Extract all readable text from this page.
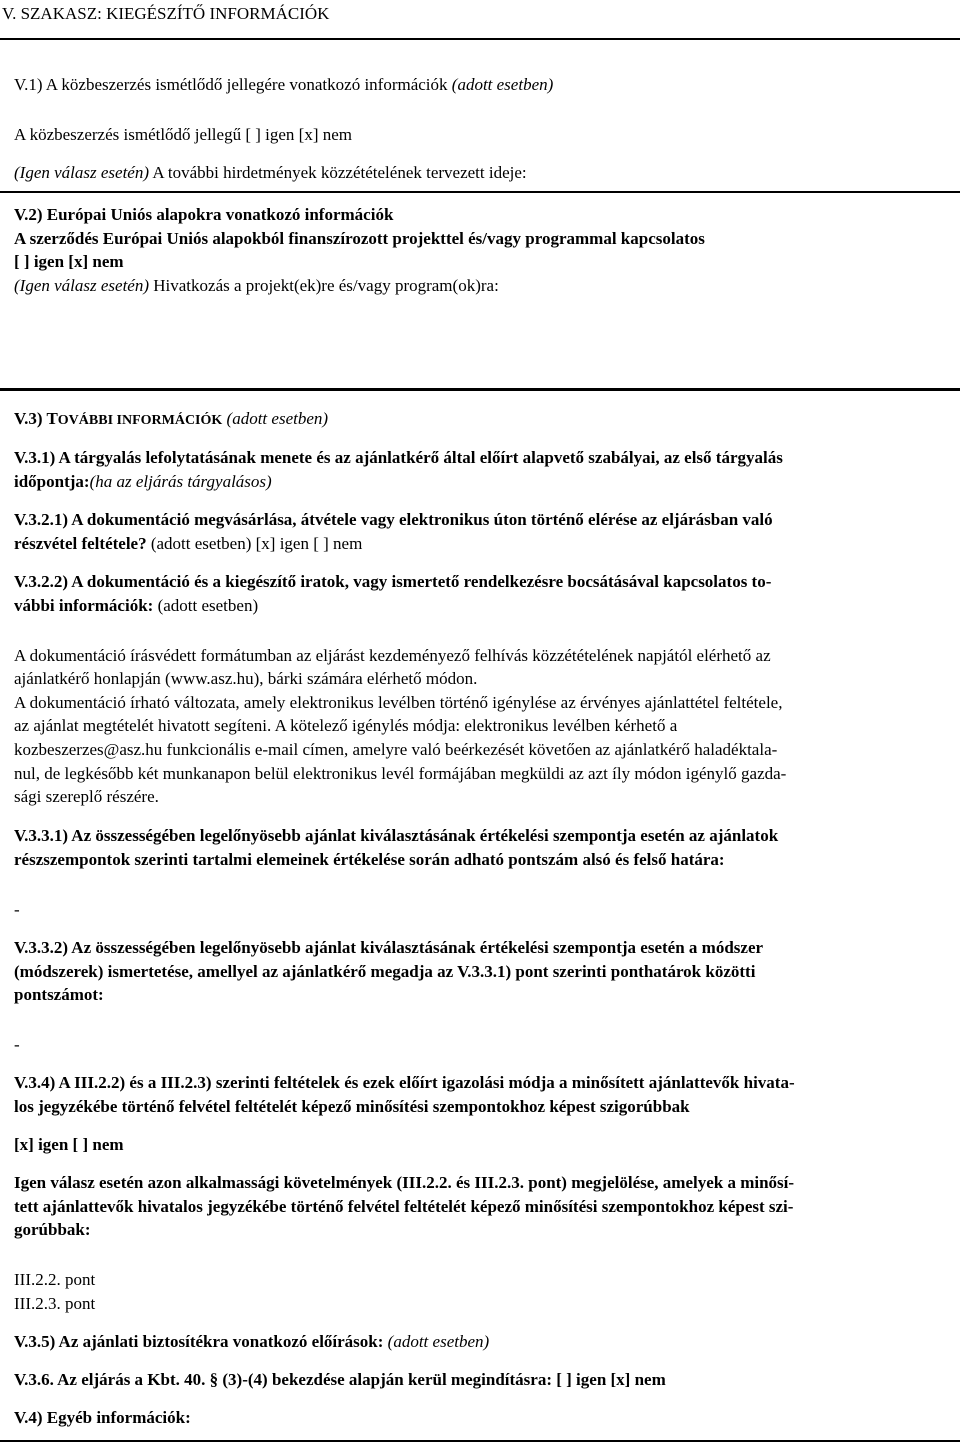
V. SZAKASZ: KIEGÉSZÍTŐ INFORMÁCIÓK
V.1) A közbeszerzés ismétlődő jellegére vonatkozó információk (adott esetben)
A közbeszerzés ismétlődő jellegű [ ] igen [x] nem
(Igen válasz esetén) A további hirdetmények közzétételének tervezett ideje:
V.2) Európai Uniós alapokra vonatkozó információk
A szerződés Európai Uniós alapokból finanszírozott projekttel és/vagy programmal kapcsolatos
[ ] igen [x] nem
(Igen válasz esetén) Hivatkozás a projekt(ek)re és/vagy program(ok)ra:
V.3) TOVÁBBI INFORMÁCIÓK (adott esetben)
V.3.1) A tárgyalás lefolytatásának menete és az ajánlatkérő által előírt alapvető szabályai, az első tárgyalás
időpontja:(ha az eljárás tárgyalásos)
V.3.2.1) A dokumentáció megvásárlása, átvétele vagy elektronikus úton történő elérése az eljárásban való
részvétel feltétele? (adott esetben) [x] igen [ ] nem
V.3.2.2) A dokumentáció és a kiegészítő iratok, vagy ismertető rendelkezésre bocsátásával kapcsolatos to-
vábbi információk: (adott esetben)
A dokumentáció írásvédett formátumban az eljárást kezdeményező felhívás közzétételének napjától elérhető az
ajánlatkérő honlapján (www.asz.hu), bárki számára elérhető módon.
A dokumentáció írható változata, amely elektronikus levélben történő igénylése az érvényes ajánlattétel feltétele,
az ajánlat megtételét hivatott segíteni. A kötelező igénylés módja: elektronikus levélben kérhető a
kozbeszerzes@asz.hu funkcionális e-mail címen, amelyre való beérkezését követően az ajánlatkérő haladéktala-
nul, de legkésőbb két munkanapon belül elektronikus levél formájában megküldi az azt íly módon igénylő gazda-
sági szereplő részére.
V.3.3.1) Az összességében legelőnyösebb ajánlat kiválasztásának értékelési szempontja esetén az ajánlatok
részszempontok szerinti tartalmi elemeinek értékelése során adható pontszám alsó és felső határa:
-
V.3.3.2) Az összességében legelőnyösebb ajánlat kiválasztásának értékelési szempontja esetén a módszer
(módszerek) ismertetése, amellyel az ajánlatkérő megadja az V.3.3.1) pont szerinti ponthatárok közötti
pontszámot:
-
V.3.4) A III.2.2) és a III.2.3) szerinti feltételek és ezek előírt igazolási módja a minősített ajánlattevők hivata-
los jegyzékébe történő felvétel feltételét képező minősítési szempontokhoz képest szigorúbbak
[x] igen [ ] nem
Igen válasz esetén azon alkalmassági követelmények (III.2.2. és III.2.3. pont) megjelölése, amelyek a minősí-
tett ajánlattevők hivatalos jegyzékébe történő felvétel feltételét képező minősítési szempontokhoz képest szi-
gorúbbak:
III.2.2. pont
III.2.3. pont
V.3.5) Az ajánlati biztosítékra vonatkozó előírások: (adott esetben)
V.3.6. Az eljárás a Kbt. 40. § (3)-(4) bekezdése alapján kerül megindításra: [ ] igen [x] nem
V.4) Egyéb információk:
